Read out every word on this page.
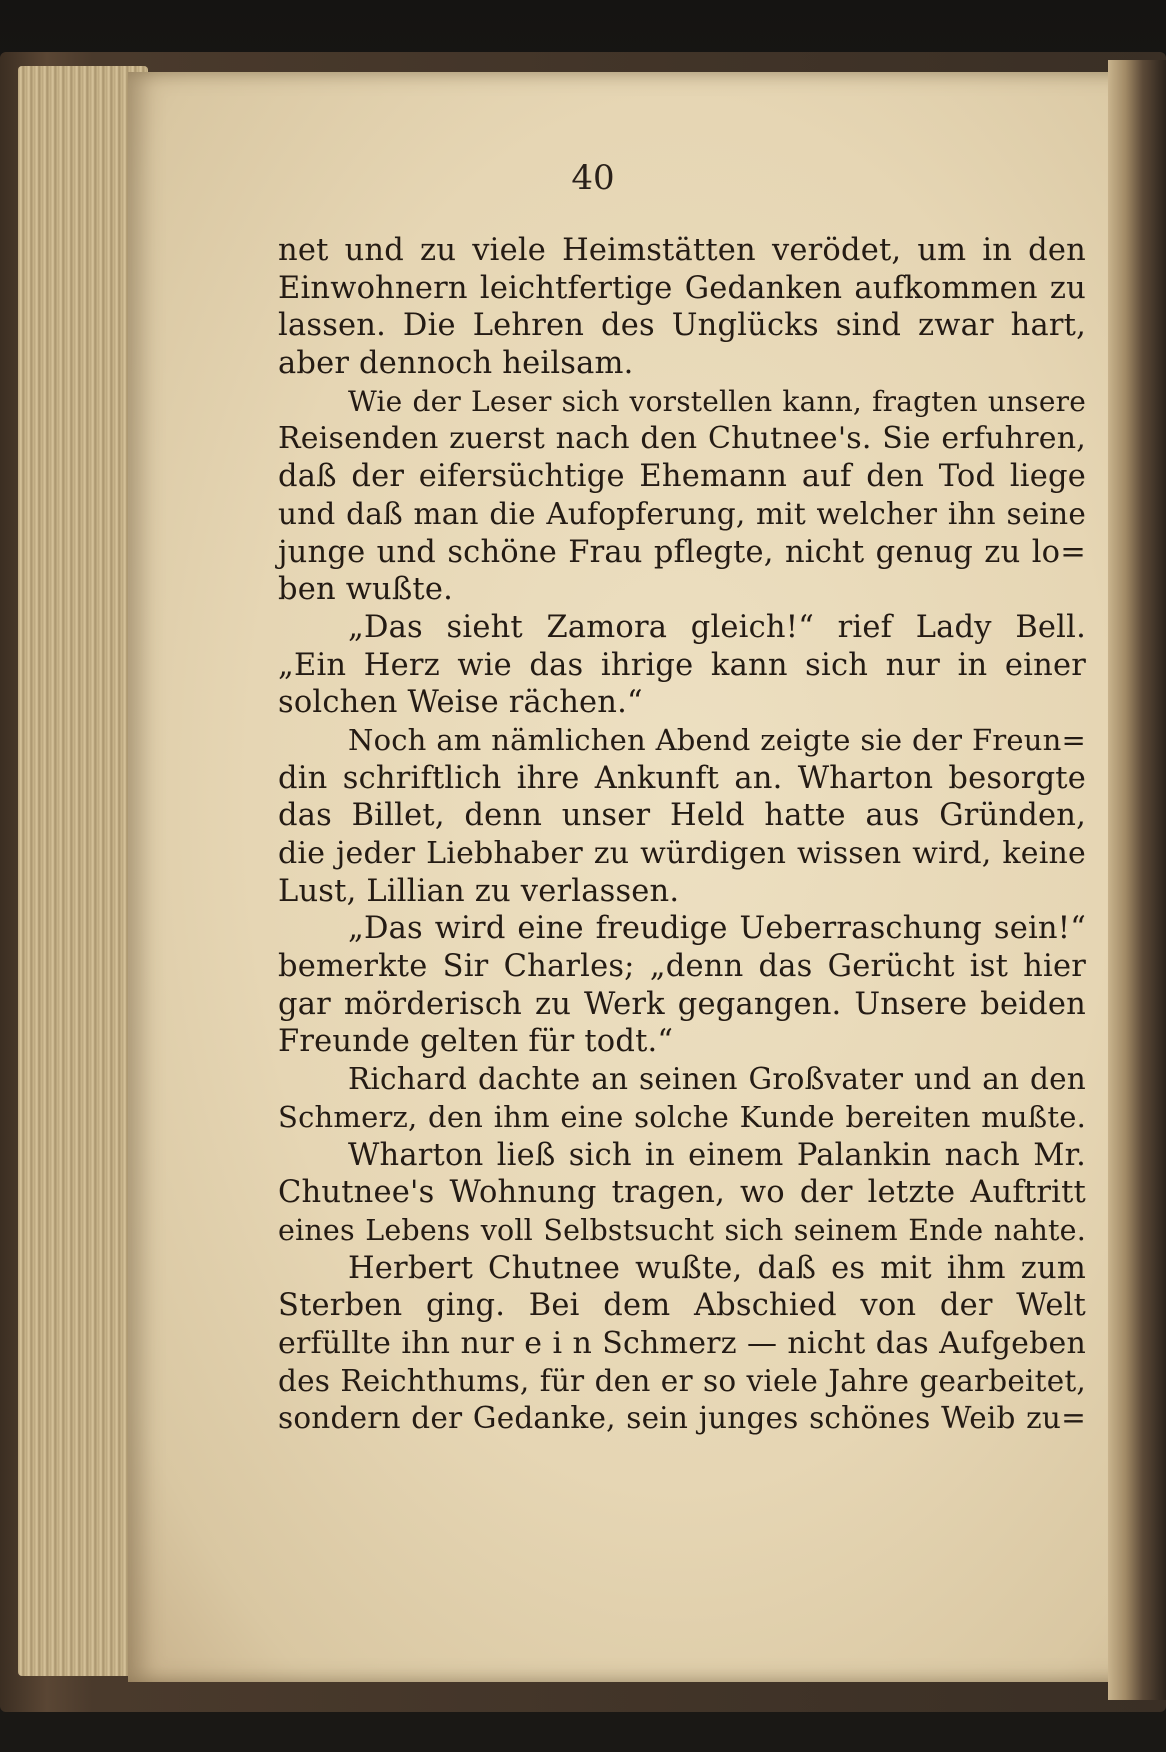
40
net und zu viele Heimstätten verödet, um in den
Einwohnern leichtfertige Gedanken aufkommen zu
lassen. Die Lehren des Unglücks sind zwar hart,
aber dennoch heilsam.
Wie der Leser sich vorstellen kann, fragten unsere
Reisenden zuerst nach den Chutnee's. Sie erfuhren,
daß der eifersüchtige Ehemann auf den Tod liege
und daß man die Aufopferung, mit welcher ihn seine
junge und schöne Frau pflegte, nicht genug zu lo=
ben wußte.
„Das sieht Zamora gleich!“ rief Lady Bell.
„Ein Herz wie das ihrige kann sich nur in einer
solchen Weise rächen.“
Noch am nämlichen Abend zeigte sie der Freun=
din schriftlich ihre Ankunft an. Wharton besorgte
das Billet, denn unser Held hatte aus Gründen,
die jeder Liebhaber zu würdigen wissen wird, keine
Lust, Lillian zu verlassen.
„Das wird eine freudige Ueberraschung sein!“
bemerkte Sir Charles; „denn das Gerücht ist hier
gar mörderisch zu Werk gegangen. Unsere beiden
Freunde gelten für todt.“
Richard dachte an seinen Großvater und an den
Schmerz, den ihm eine solche Kunde bereiten mußte.
Wharton ließ sich in einem Palankin nach Mr.
Chutnee's Wohnung tragen, wo der letzte Auftritt
eines Lebens voll Selbstsucht sich seinem Ende nahte.
Herbert Chutnee wußte, daß es mit ihm zum
Sterben ging. Bei dem Abschied von der Welt
erfüllte ihn nur e i n Schmerz — nicht das Aufgeben
des Reichthums, für den er so viele Jahre gearbeitet,
sondern der Gedanke, sein junges schönes Weib zu=
